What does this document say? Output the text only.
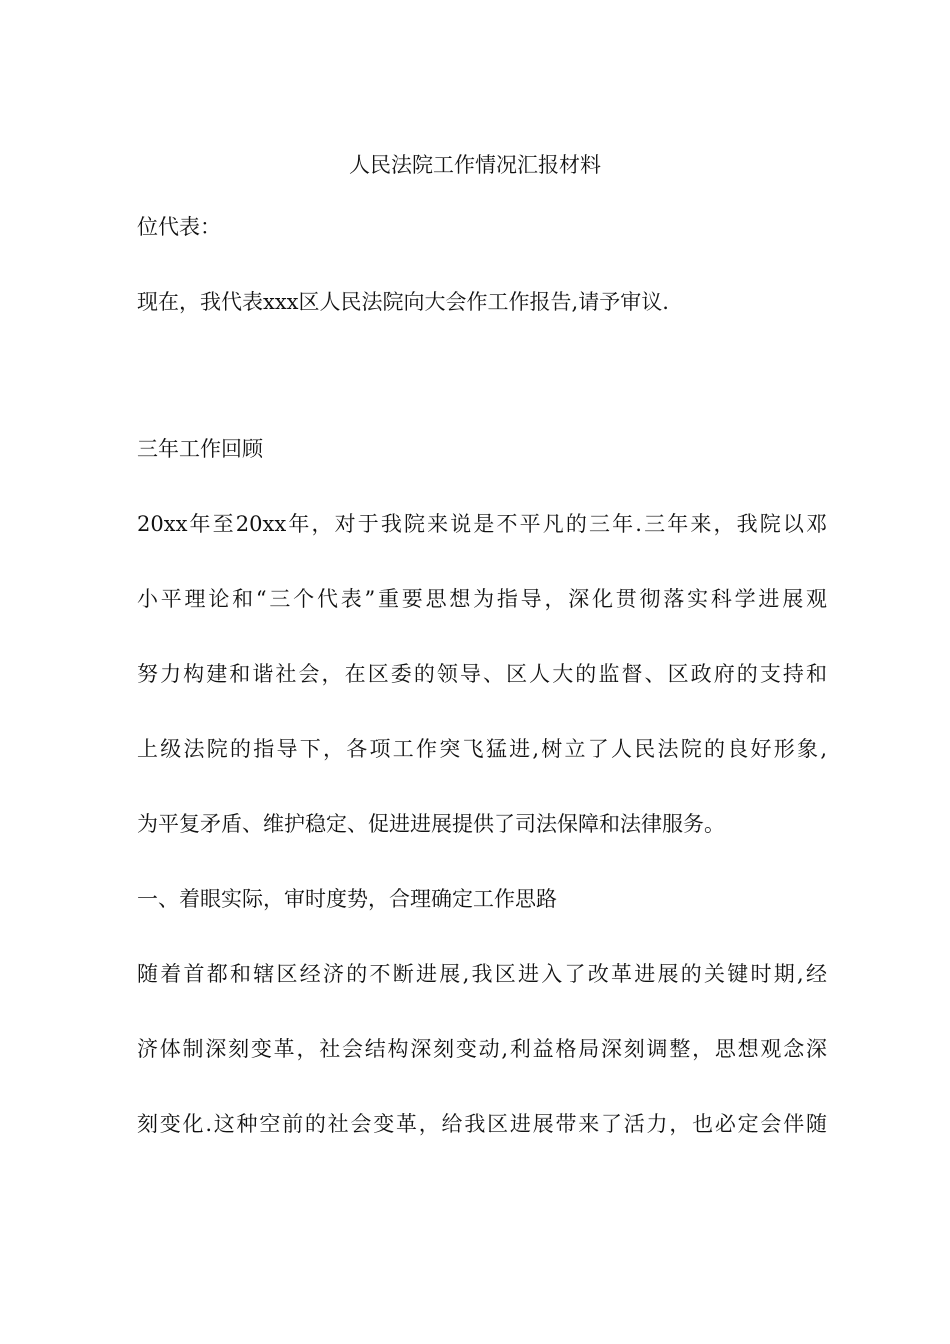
人民法院工作情况汇报材料
位代表：
现在，我代表xxx区人民法院向大会作工作报告,请予审议.
三年工作回顾
20xx年至20xx年，对于我院来说是不平凡的三年.三年来，我院以邓
小平理论和“三个代表”重要思想为指导，深化贯彻落实科学进展观
努力构建和谐社会，在区委的领导、区人大的监督、区政府的支持和
上级法院的指导下，各项工作突飞猛进,树立了人民法院的良好形象,
为平复矛盾、维护稳定、促进进展提供了司法保障和法律服务。
一、着眼实际，审时度势，合理确定工作思路
随着首都和辖区经济的不断进展,我区进入了改革进展的关键时期,经
济体制深刻变革，社会结构深刻变动,利益格局深刻调整，思想观念深
刻变化.这种空前的社会变革，给我区进展带来了活力，也必定会伴随
